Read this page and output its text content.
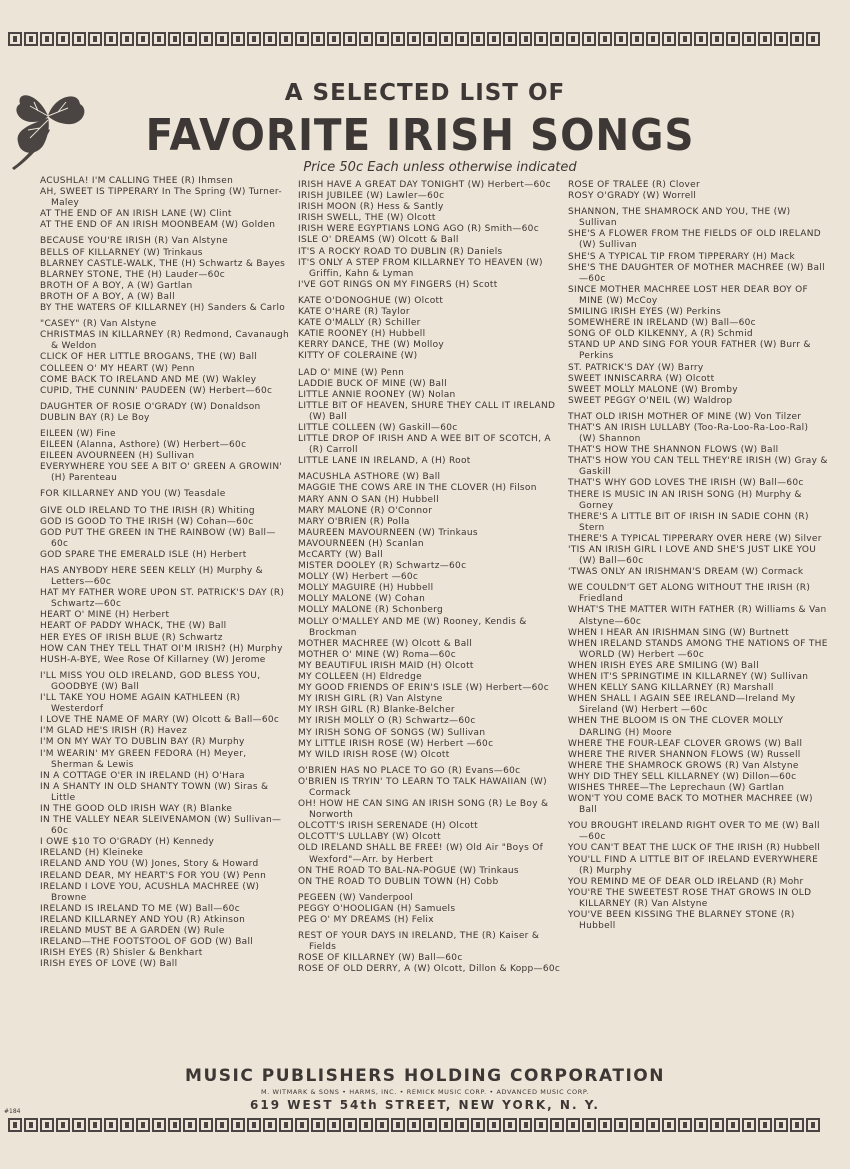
A SELECTED LIST OF
FAVORITE IRISH SONGS
Price 50c Each unless otherwise indicated
ACUSHLA! I'M CALLING THEE (R) Ihmsen
AH, SWEET IS TIPPERARY In The Spring (W) Turner-Maley
AT THE END OF AN IRISH LANE (W) Clint
AT THE END OF AN IRISH MOONBEAM (W) Golden
BECAUSE YOU'RE IRISH (R) Van Alstyne
BELLS OF KILLARNEY (W) Trinkaus
BLARNEY CASTLE-WALK, THE (H) Schwartz & Bayes
BLARNEY STONE, THE (H) Lauder—60c
BROTH OF A BOY, A (W) Gartlan
BROTH OF A BOY, A (W) Ball
BY THE WATERS OF KILLARNEY (H) Sanders & Carlo
"CASEY" (R) Van Alstyne
CHRISTMAS IN KILLARNEY (R) Redmond, Cavanaugh & Weldon
CLICK OF HER LITTLE BROGANS, THE (W) Ball
COLLEEN O' MY HEART (W) Penn
COME BACK TO IRELAND AND ME (W) Wakley
CUPID, THE CUNNIN' PAUDEEN (W) Herbert—60c
DAUGHTER OF ROSIE O'GRADY (W) Donaldson
DUBLIN BAY (R) Le Boy
EILEEN (W) Fine
EILEEN (Alanna, Asthore) (W) Herbert—60c
EILEEN AVOURNEEN (H) Sullivan
EVERYWHERE YOU SEE A BIT O' GREEN A GROWIN' (H) Parenteau
FOR KILLARNEY AND YOU (W) Teasdale
GIVE OLD IRELAND TO THE IRISH (R) Whiting
GOD IS GOOD TO THE IRISH (W) Cohan—60c
GOD PUT THE GREEN IN THE RAINBOW (W) Ball—60c
GOD SPARE THE EMERALD ISLE (H) Herbert
HAS ANYBODY HERE SEEN KELLY (H) Murphy & Letters—60c
HAT MY FATHER WORE UPON ST. PATRICK'S DAY (R) Schwartz—60c
HEART O' MINE (H) Herbert
HEART OF PADDY WHACK, THE (W) Ball
HER EYES OF IRISH BLUE (R) Schwartz
HOW CAN THEY TELL THAT OI'M IRISH? (H) Murphy
HUSH-A-BYE, Wee Rose Of Killarney (W) Jerome
I'LL MISS YOU OLD IRELAND, GOD BLESS YOU, GOODBYE (W) Ball
I'LL TAKE YOU HOME AGAIN KATHLEEN (R) Westerdorf
I LOVE THE NAME OF MARY (W) Olcott & Ball—60c
I'M GLAD HE'S IRISH (R) Havez
I'M ON MY WAY TO DUBLIN BAY (R) Murphy
I'M WEARIN' MY GREEN FEDORA (H) Meyer, Sherman & Lewis
IN A COTTAGE O'ER IN IRELAND (H) O'Hara
IN A SHANTY IN OLD SHANTY TOWN (W) Siras & Little
IN THE GOOD OLD IRISH WAY (R) Blanke
IN THE VALLEY NEAR SLEIVENAMON (W) Sullivan—60c
I OWE $10 TO O'GRADY (H) Kennedy
IRELAND (H) Kleineke
IRELAND AND YOU (W) Jones, Story & Howard
IRELAND DEAR, MY HEART'S FOR YOU (W) Penn
IRELAND I LOVE YOU, ACUSHLA MACHREE (W) Browne
IRELAND IS IRELAND TO ME (W) Ball—60c
IRELAND KILLARNEY AND YOU (R) Atkinson
IRELAND MUST BE A GARDEN (W) Rule
IRELAND—THE FOOTSTOOL OF GOD (W) Ball
IRISH EYES (R) Shisler & Benkhart
IRISH EYES OF LOVE (W) Ball
IRISH HAVE A GREAT DAY TONIGHT (W) Herbert—60c
IRISH JUBILEE (W) Lawler—60c
IRISH MOON (R) Hess & Santly
IRISH SWELL, THE (W) Olcott
IRISH WERE EGYPTIANS LONG AGO (R) Smith—60c
ISLE O' DREAMS (W) Olcott & Ball
IT'S A ROCKY ROAD TO DUBLIN (R) Daniels
IT'S ONLY A STEP FROM KILLARNEY TO HEAVEN (W) Griffin, Kahn & Lyman
I'VE GOT RINGS ON MY FINGERS (H) Scott
KATE O'DONOGHUE (W) Olcott
KATE O'HARE (R) Taylor
KATE O'MALLY (R) Schiller
KATIE ROONEY (H) Hubbell
KERRY DANCE, THE (W) Molloy
KITTY OF COLERAINE (W)
LAD O' MINE (W) Penn
LADDIE BUCK OF MINE (W) Ball
LITTLE ANNIE ROONEY (W) Nolan
LITTLE BIT OF HEAVEN, SHURE THEY CALL IT IRELAND (W) Ball
LITTLE COLLEEN (W) Gaskill—60c
LITTLE DROP OF IRISH AND A WEE BIT OF SCOTCH, A (R) Carroll
LITTLE LANE IN IRELAND, A (H) Root
MACUSHLA ASTHORE (W) Ball
MAGGIE THE COWS ARE IN THE CLOVER (H) Filson
MARY ANN O SAN (H) Hubbell
MARY MALONE (R) O'Connor
MARY O'BRIEN (R) Polla
MAUREEN MAVOURNEEN (W) Trinkaus
MAVOURNEEN (H) Scanlan
McCARTY (W) Ball
MISTER DOOLEY (R) Schwartz—60c
MOLLY (W) Herbert —60c
MOLLY MAGUIRE (H) Hubbell
MOLLY MALONE (W) Cohan
MOLLY MALONE (R) Schonberg
MOLLY O'MALLEY AND ME (W) Rooney, Kendis & Brockman
MOTHER MACHREE (W) Olcott & Ball
MOTHER O' MINE (W) Roma—60c
MY BEAUTIFUL IRISH MAID (H) Olcott
MY COLLEEN (H) Eldredge
MY GOOD FRIENDS OF ERIN'S ISLE (W) Herbert—60c
MY IRISH GIRL (R) Van Alstyne
MY IRSH GIRL (R) Blanke-Belcher
MY IRISH MOLLY O (R) Schwartz—60c
MY IRISH SONG OF SONGS (W) Sullivan
MY LITTLE IRISH ROSE (W) Herbert —60c
MY WILD IRISH ROSE (W) Olcott
O'BRIEN HAS NO PLACE TO GO (R) Evans—60c
O'BRIEN IS TRYIN' TO LEARN TO TALK HAWAIIAN (W) Cormack
OH! HOW HE CAN SING AN IRISH SONG (R) Le Boy & Norworth
OLCOTT'S IRISH SERENADE (H) Olcott
OLCOTT'S LULLABY (W) Olcott
OLD IRELAND SHALL BE FREE! (W) Old Air "Boys Of Wexford"—Arr. by Herbert
ON THE ROAD TO BAL-NA-POGUE (W) Trinkaus
ON THE ROAD TO DUBLIN TOWN (H) Cobb
PEGEEN (W) Vanderpool
PEGGY O'HOOLIGAN (H) Samuels
PEG O' MY DREAMS (H) Felix
REST OF YOUR DAYS IN IRELAND, THE (R) Kaiser & Fields
ROSE OF KILLARNEY (W) Ball—60c
ROSE OF OLD DERRY, A (W) Olcott, Dillon & Kopp—60c
ROSE OF TRALEE (R) Clover
ROSY O'GRADY (W) Worrell
SHANNON, THE SHAMROCK AND YOU, THE (W) Sullivan
SHE'S A FLOWER FROM THE FIELDS OF OLD IRELAND (W) Sullivan
SHE'S A TYPICAL TIP FROM TIPPERARY (H) Mack
SHE'S THE DAUGHTER OF MOTHER MACHREE (W) Ball—60c
SINCE MOTHER MACHREE LOST HER DEAR BOY OF MINE (W) McCoy
SMILING IRISH EYES (W) Perkins
SOMEWHERE IN IRELAND (W) Ball—60c
SONG OF OLD KILKENNY, A (R) Schmid
STAND UP AND SING FOR YOUR FATHER (W) Burr & Perkins
ST. PATRICK'S DAY (W) Barry
SWEET INNISCARRA (W) Olcott
SWEET MOLLY MALONE (W) Bromby
SWEET PEGGY O'NEIL (W) Waldrop
THAT OLD IRISH MOTHER OF MINE (W) Von Tilzer
THAT'S AN IRISH LULLABY (Too-Ra-Loo-Ra-Loo-Ral) (W) Shannon
THAT'S HOW THE SHANNON FLOWS (W) Ball
THAT'S HOW YOU CAN TELL THEY'RE IRISH (W) Gray & Gaskill
THAT'S WHY GOD LOVES THE IRISH (W) Ball—60c
THERE IS MUSIC IN AN IRISH SONG (H) Murphy & Gorney
THERE'S A LITTLE BIT OF IRISH IN SADIE COHN (R) Stern
THERE'S A TYPICAL TIPPERARY OVER HERE (W) Silver
'TIS AN IRISH GIRL I LOVE AND SHE'S JUST LIKE YOU (W) Ball—60c
'TWAS ONLY AN IRISHMAN'S DREAM (W) Cormack
WE COULDN'T GET ALONG WITHOUT THE IRISH (R) Friedland
WHAT'S THE MATTER WITH FATHER (R) Williams & Van Alstyne—60c
WHEN I HEAR AN IRISHMAN SING (W) Burtnett
WHEN IRELAND STANDS AMONG THE NATIONS OF THE WORLD (W) Herbert —60c
WHEN IRISH EYES ARE SMILING (W) Ball
WHEN IT'S SPRINGTIME IN KILLARNEY (W) Sullivan
WHEN KELLY SANG KILLARNEY (R) Marshall
WHEN SHALL I AGAIN SEE IRELAND—Ireland My Sireland (W) Herbert —60c
WHEN THE BLOOM IS ON THE CLOVER MOLLY DARLING (H) Moore
WHERE THE FOUR-LEAF CLOVER GROWS (W) Ball
WHERE THE RIVER SHANNON FLOWS (W) Russell
WHERE THE SHAMROCK GROWS (R) Van Alstyne
WHY DID THEY SELL KILLARNEY (W) Dillon—60c
WISHES THREE—The Leprechaun (W) Gartlan
WON'T YOU COME BACK TO MOTHER MACHREE (W) Ball
YOU BROUGHT IRELAND RIGHT OVER TO ME (W) Ball—60c
YOU CAN'T BEAT THE LUCK OF THE IRISH (R) Hubbell
YOU'LL FIND A LITTLE BIT OF IRELAND EVERYWHERE (R) Murphy
YOU REMIND ME OF DEAR OLD IRELAND (R) Mohr
YOU'RE THE SWEETEST ROSE THAT GROWS IN OLD KILLARNEY (R) Van Alstyne
YOU'VE BEEN KISSING THE BLARNEY STONE (R) Hubbell
MUSIC PUBLISHERS HOLDING CORPORATION
M. WITMARK & SONS • HARMS, INC. • REMICK MUSIC CORP. • ADVANCED MUSIC CORP.
619 WEST 54th STREET, NEW YORK, N. Y.
#184
